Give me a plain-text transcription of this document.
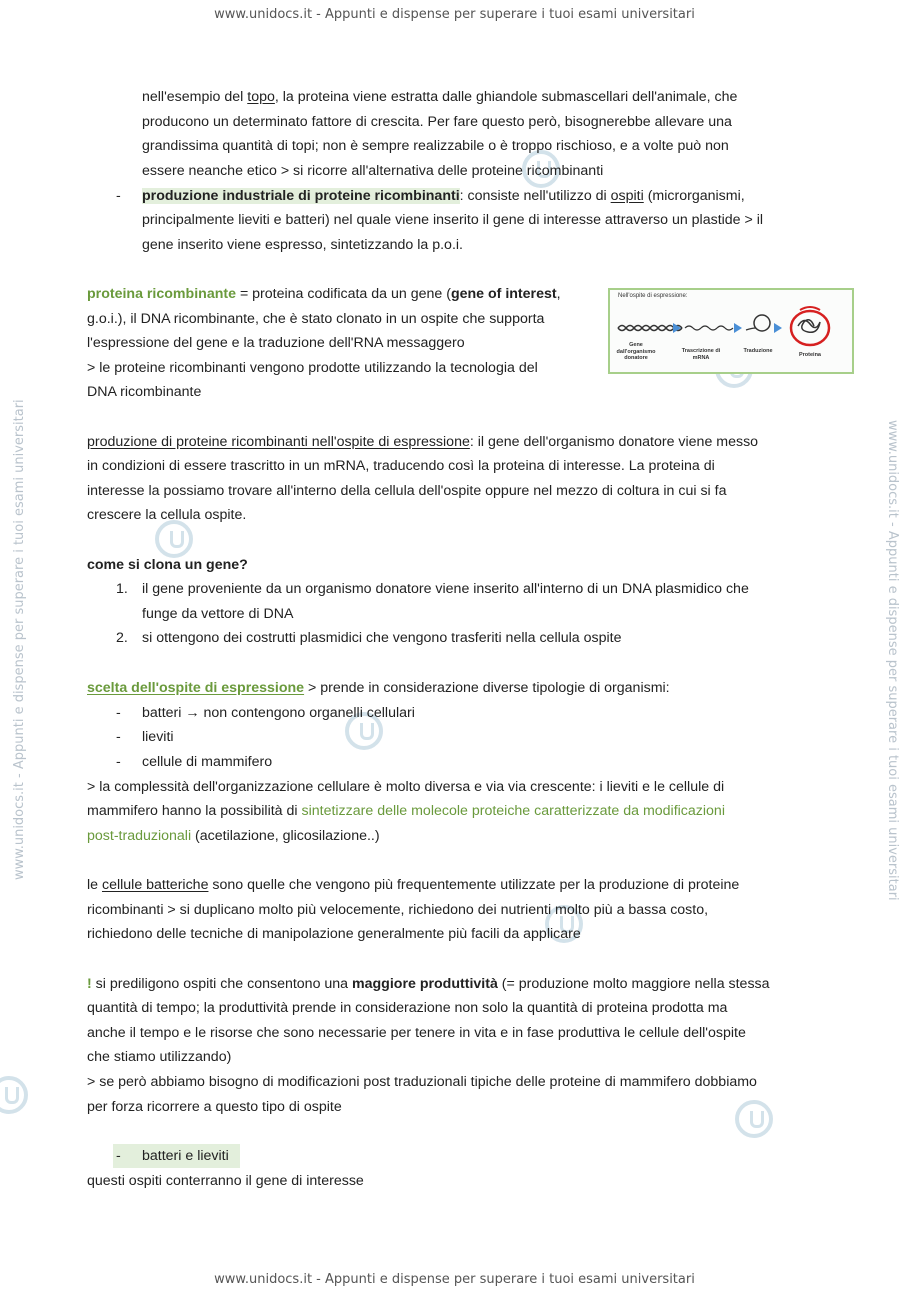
www.unidocs.it - Appunti e dispense per superare i tuoi esami universitari
www.unidocs.it - Appunti e dispense per superare i tuoi esami universitari
www.unidocs.it - Appunti e dispense per superare i tuoi esami universitari	www.unidocs.it - Appunti e dispense per superare i tuoi esami universitari
nell'esempio del topo, la proteina viene estratta dalle ghiandole submascellari dell'animale, che
producono un determinato fattore di crescita. Per fare questo però, bisognerebbe allevare una
grandissima quantità di topi; non è sempre realizzabile o è troppo rischioso, e a volte può non
essere neanche etico > si ricorre all'alternativa delle proteine ricombinanti
- produzione industriale di proteine ricombinanti: consiste nell'utilizzo di ospiti (microrganismi,
principalmente lieviti e batteri) nel quale viene inserito il gene di interesse attraverso un plastide > il
gene inserito viene espresso, sintetizzando la p.o.i.
proteina ricombinante = proteina codificata da un gene (gene of interest,
g.o.i.), il DNA ricombinante, che è stato clonato in un ospite che supporta
l'espressione del gene e la traduzione dell'RNA messaggero
> le proteine ricombinanti vengono prodotte utilizzando la tecnologia del
DNA ricombinante
Nell'ospite di espressione:
Gene dall'organismo donatore
Trascrizione di mRNA
Traduzione
Proteina
produzione di proteine ricombinanti nell'ospite di espressione: il gene dell'organismo donatore viene messo
in condizioni di essere trascritto in un mRNA, traducendo così la proteina di interesse. La proteina di
interesse la possiamo trovare all'interno della cellula dell'ospite oppure nel mezzo di coltura in cui si fa
crescere la cellula ospite.
come si clona un gene?
1. il gene proveniente da un organismo donatore viene inserito all'interno di un DNA plasmidico che
funge da vettore di DNA
2. si ottengono dei costrutti plasmidici che vengono trasferiti nella cellula ospite
scelta dell'ospite di espressione > prende in considerazione diverse tipologie di organismi:
- batteri → non contengono organelli cellulari
- lieviti
- cellule di mammifero
> la complessità dell'organizzazione cellulare è molto diversa e via via crescente: i lieviti e le cellule di
mammifero hanno la possibilità di sintetizzare delle molecole proteiche caratterizzate da modificazioni
post-traduzionali (acetilazione, glicosilazione..)
le cellule batteriche sono quelle che vengono più frequentemente utilizzate per la produzione di proteine
ricombinanti > si duplicano molto più velocemente, richiedono dei nutrienti molto più a bassa costo,
richiedono delle tecniche di manipolazione generalmente più facili da applicare
! si prediligono ospiti che consentono una maggiore produttività (= produzione molto maggiore nella stessa
quantità di tempo; la produttività prende in considerazione non solo la quantità di proteina prodotta ma
anche il tempo e le risorse che sono necessarie per tenere in vita e in fase produttiva le cellule dell'ospite
che stiamo utilizzando)
> se però abbiamo bisogno di modificazioni post traduzionali tipiche delle proteine di mammifero dobbiamo
per forza ricorrere a questo tipo di ospite
- batteri e lieviti
questi ospiti conterranno il gene di interesse
